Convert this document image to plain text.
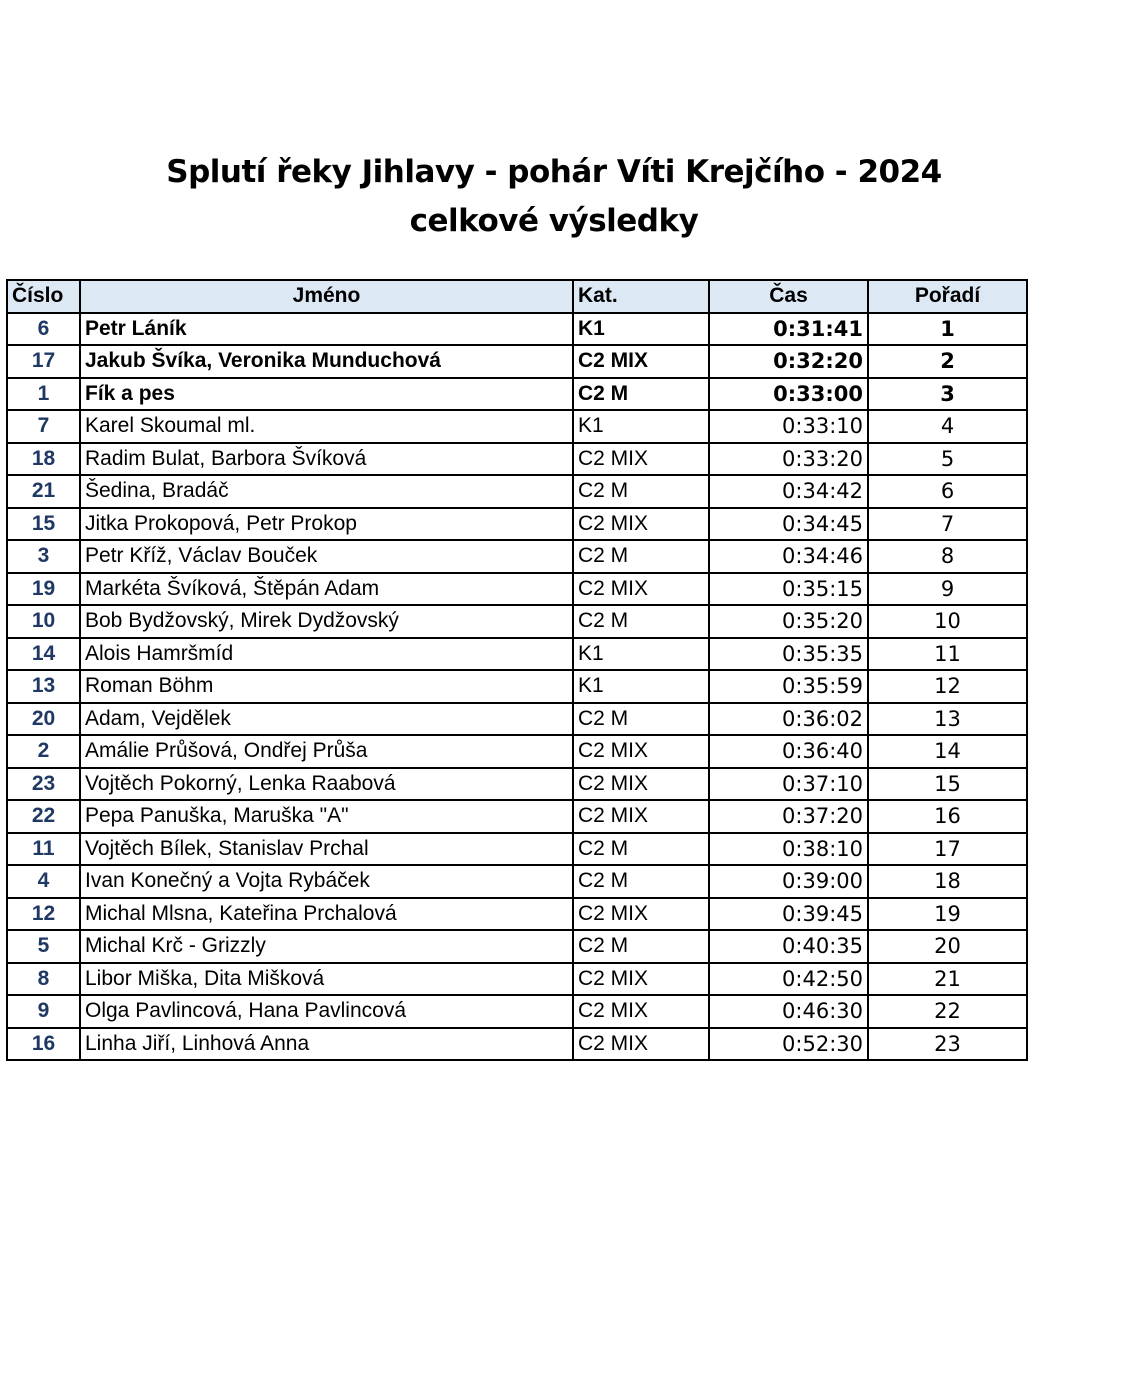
Splutí řeky Jihlavy - pohár Víti Krejčího - 2024
celkové výsledky
Číslo	Jméno	Kat.	Čas	Pořadí
6	Petr Láník	K1	0:31:41	1
17	Jakub Švíka, Veronika Munduchová	C2 MIX	0:32:20	2
1	Fík a pes	C2 M	0:33:00	3
7	Karel Skoumal ml.	K1	0:33:10	4
18	Radim Bulat, Barbora Švíková	C2 MIX	0:33:20	5
21	Šedina, Bradáč	C2 M	0:34:42	6
15	Jitka Prokopová, Petr Prokop	C2 MIX	0:34:45	7
3	Petr Kříž, Václav Bouček	C2 M	0:34:46	8
19	Markéta Švíková, Štěpán Adam	C2 MIX	0:35:15	9
10	Bob Bydžovský, Mirek Dydžovský	C2 M	0:35:20	10
14	Alois Hamršmíd	K1	0:35:35	11
13	Roman Böhm	K1	0:35:59	12
20	Adam, Vejdělek	C2 M	0:36:02	13
2	Amálie Průšová, Ondřej Průša	C2 MIX	0:36:40	14
23	Vojtěch Pokorný, Lenka Raabová	C2 MIX	0:37:10	15
22	Pepa Panuška, Maruška "A"	C2 MIX	0:37:20	16
11	Vojtěch Bílek, Stanislav Prchal	C2 M	0:38:10	17
4	Ivan Konečný a Vojta Rybáček	C2 M	0:39:00	18
12	Michal Mlsna, Kateřina Prchalová	C2 MIX	0:39:45	19
5	Michal Krč - Grizzly	C2 M	0:40:35	20
8	Libor Miška, Dita Mišková	C2 MIX	0:42:50	21
9	Olga Pavlincová, Hana Pavlincová	C2 MIX	0:46:30	22
16	Linha Jiří, Linhová Anna	C2 MIX	0:52:30	23
